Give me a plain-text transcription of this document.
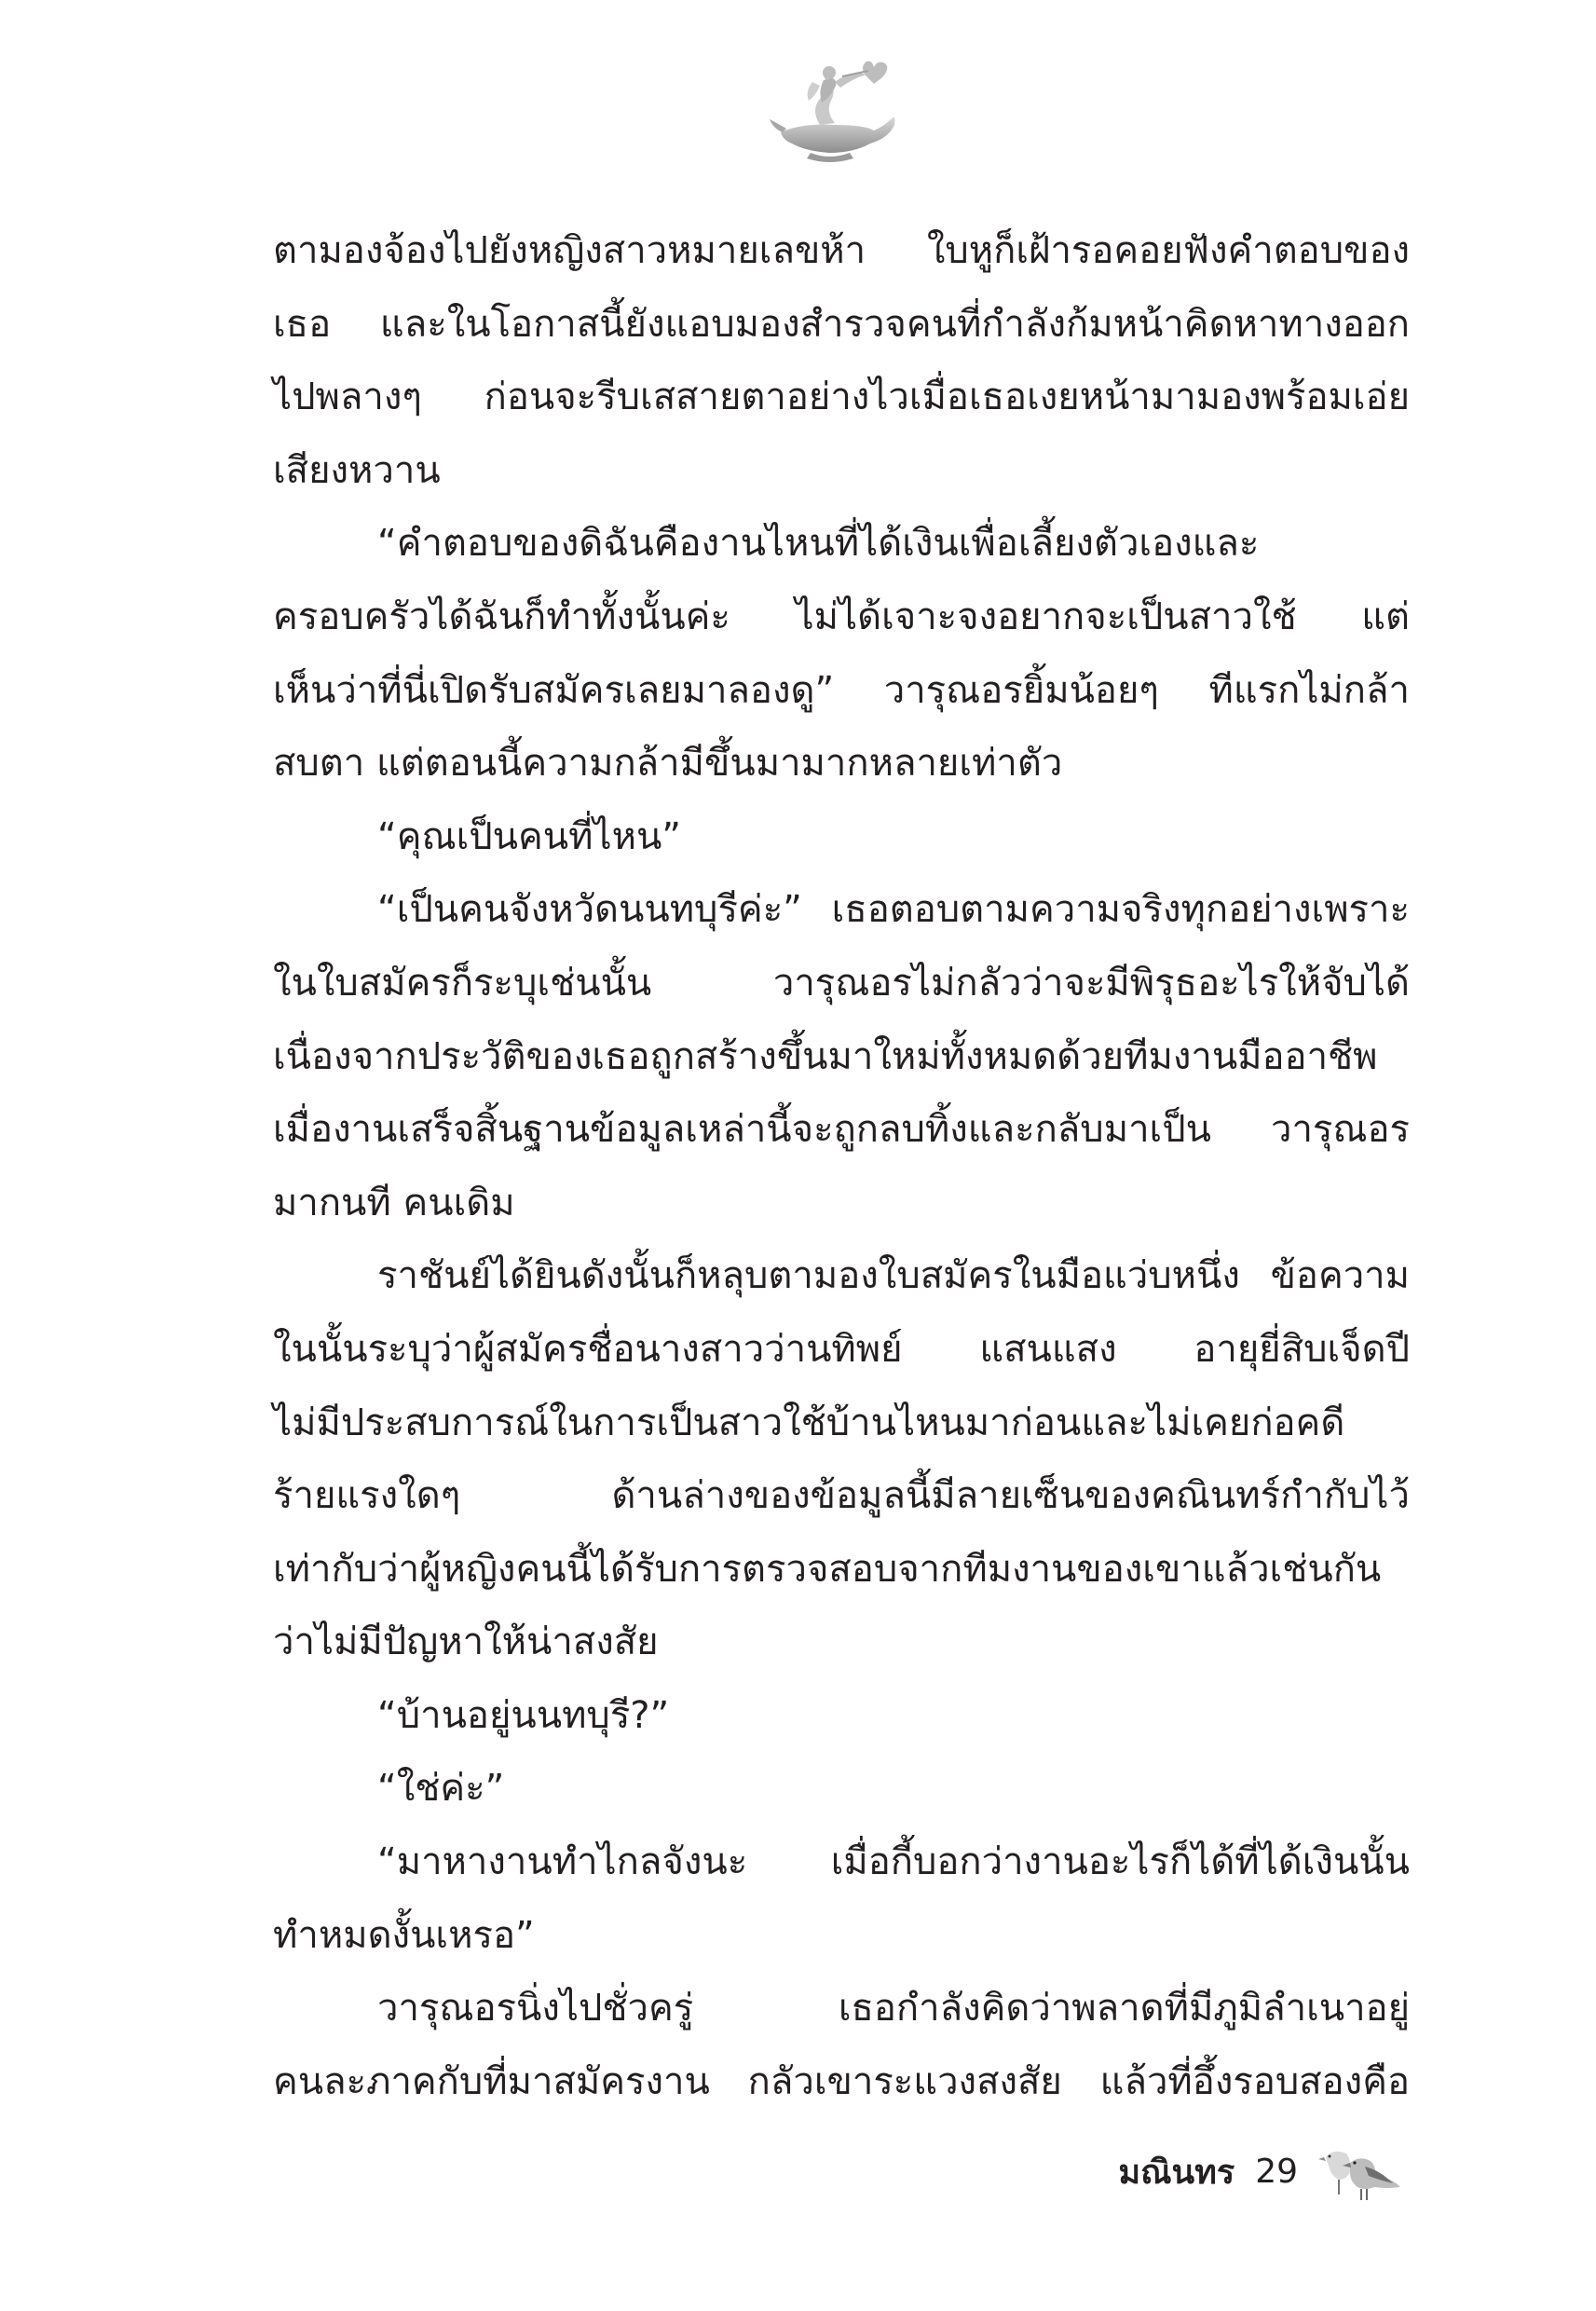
ตามองจ้องไปยังหญิงสาวหมายเลขห้า ใบหูก็เฝ้ารอคอยฟังคำตอบของ

เธอ และในโอกาสนี้ยังแอบมองสำรวจคนที่กำลังก้มหน้าคิดหาทางออก

ไปพลางๆ ก่อนจะรีบเสสายตาอย่างไวเมื่อเธอเงยหน้ามามองพร้อมเอ่ย

เสียงหวาน

“คำตอบของดิฉันคืองานไหนที่ได้เงินเพื่อเลี้ยงตัวเองและ

ครอบครัวได้ฉันก็ทำทั้งนั้นค่ะ ไม่ได้เจาะจงอยากจะเป็นสาวใช้ แต่

เห็นว่าที่นี่เปิดรับสมัครเลยมาลองดู” วารุณอรยิ้มน้อยๆ ทีแรกไม่กล้า

สบตา แต่ตอนนี้ความกล้ามีขึ้นมามากหลายเท่าตัว

“คุณเป็นคนที่ไหน”

“เป็นคนจังหวัดนนทบุรีค่ะ” เธอตอบตามความจริงทุกอย่างเพราะ

ในใบสมัครก็ระบุเช่นนั้น วารุณอรไม่กลัวว่าจะมีพิรุธอะไรให้จับได้

เนื่องจากประวัติของเธอถูกสร้างขึ้นมาใหม่ทั้งหมดด้วยทีมงานมืออาชีพ

เมื่องานเสร็จสิ้นฐานข้อมูลเหล่านี้จะถูกลบทิ้งและกลับมาเป็น วารุณอร

มากนที คนเดิม

ราชันย์ได้ยินดังนั้นก็หลุบตามองใบสมัครในมือแว่บหนึ่ง ข้อความ

ในนั้นระบุว่าผู้สมัครชื่อนางสาวว่านทิพย์ แสนแสง อายุยี่สิบเจ็ดปี

ไม่มีประสบการณ์ในการเป็นสาวใช้บ้านไหนมาก่อนและไม่เคยก่อคดี

ร้ายแรงใดๆ ด้านล่างของข้อมูลนี้มีลายเซ็นของคณินทร์กำกับไว้

เท่ากับว่าผู้หญิงคนนี้ได้รับการตรวจสอบจากทีมงานของเขาแล้วเช่นกัน

ว่าไม่มีปัญหาให้น่าสงสัย

“บ้านอยู่นนทบุรี?”

“ใช่ค่ะ”

“มาหางานทำไกลจังนะ เมื่อกี้บอกว่างานอะไรก็ได้ที่ได้เงินนั้น

ทำหมดงั้นเหรอ”

วารุณอรนิ่งไปชั่วครู่ เธอกำลังคิดว่าพลาดที่มีภูมิลำเนาอยู่

คนละภาคกับที่มาสมัครงาน กลัวเขาระแวงสงสัย แล้วที่อึ้งรอบสองคือ

มณินทร 29
